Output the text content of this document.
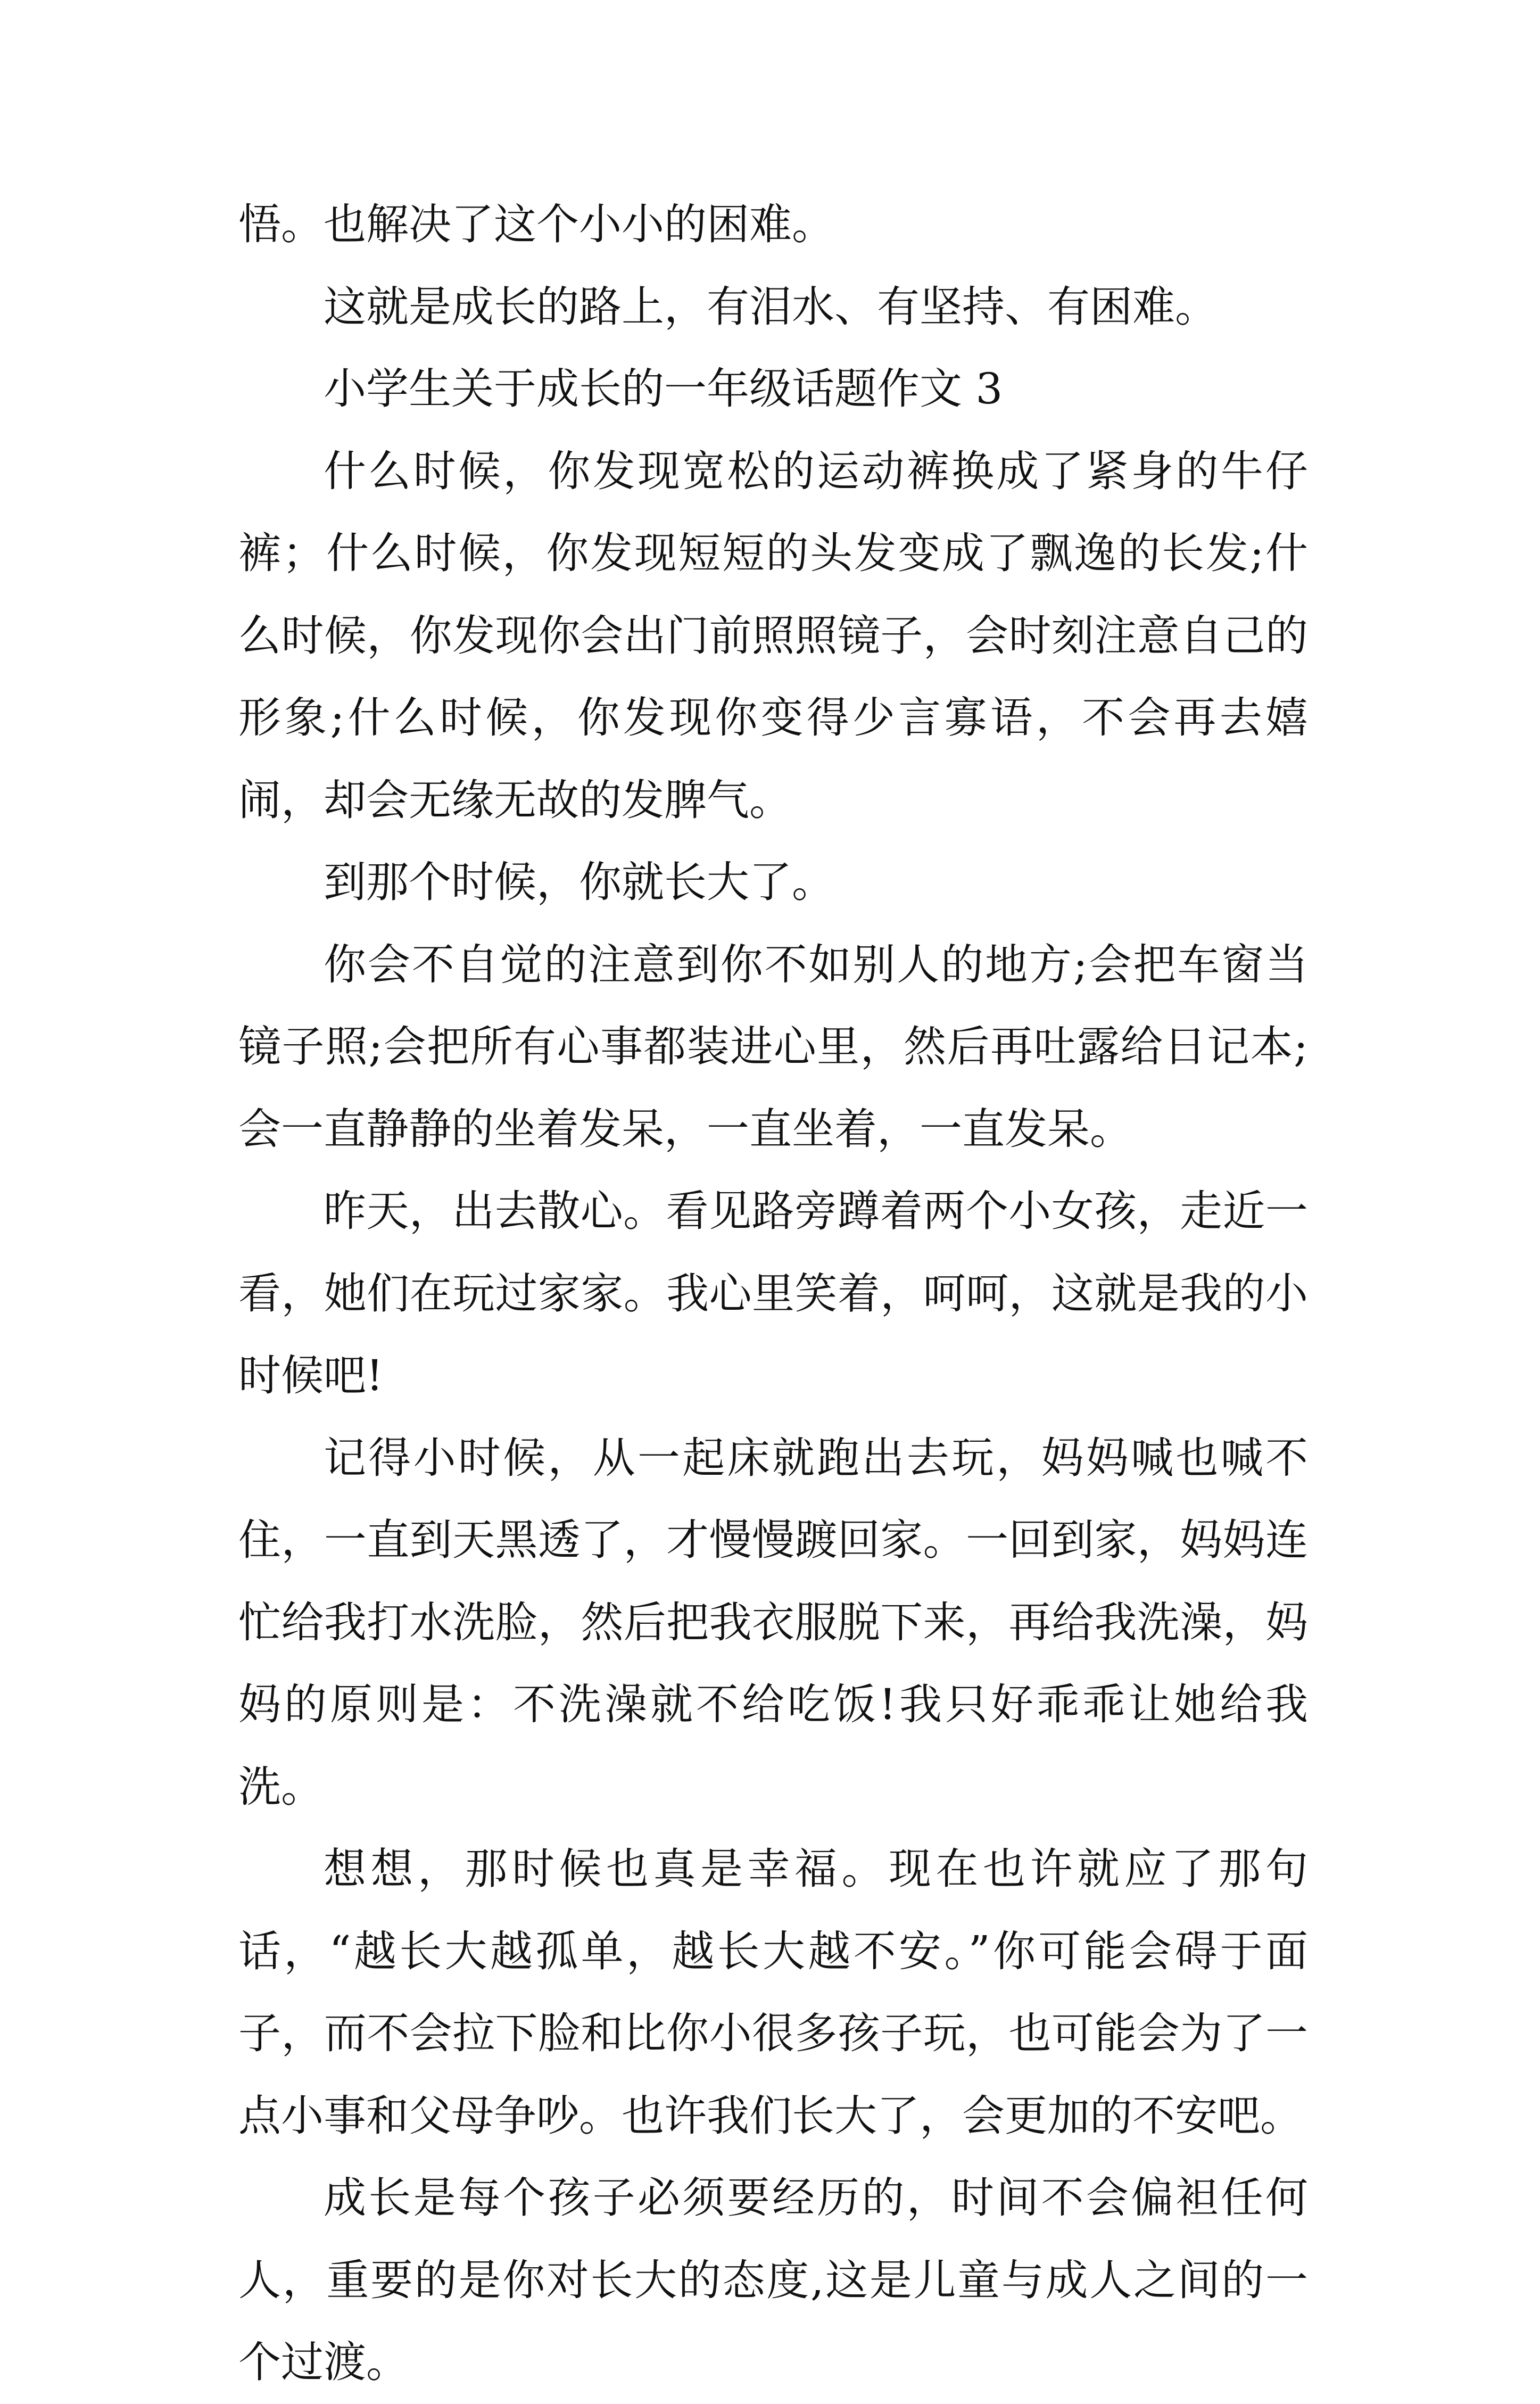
悟。也解决了这个小小的困难。

这就是成长的路上，有泪水、有坚持、有困难。

小学生关于成长的一年级话题作文 3

什么时候，你发现宽松的运动裤换成了紧身的牛仔裤；什么时候，你发现短短的头发变成了飘逸的长发;什么时候，你发现你会出门前照照镜子，会时刻注意自己的形象;什么时候，你发现你变得少言寡语，不会再去嬉闹，却会无缘无故的发脾气。

到那个时候，你就长大了。

你会不自觉的注意到你不如别人的地方;会把车窗当镜子照;会把所有心事都装进心里，然后再吐露给日记本;会一直静静的坐着发呆，一直坐着，一直发呆。

昨天，出去散心。看见路旁蹲着两个小女孩，走近一看，她们在玩过家家。我心里笑着，呵呵，这就是我的小时候吧!

记得小时候，从一起床就跑出去玩，妈妈喊也喊不住，一直到天黑透了，才慢慢踱回家。一回到家，妈妈连忙给我打水洗脸，然后把我衣服脱下来，再给我洗澡，妈妈的原则是：不洗澡就不给吃饭!我只好乖乖让她给我洗。

想想，那时候也真是幸福。现在也许就应了那句话，“越长大越孤单，越长大越不安。”你可能会碍于面子，而不会拉下脸和比你小很多孩子玩，也可能会为了一点小事和父母争吵。也许我们长大了，会更加的不安吧。

成长是每个孩子必须要经历的，时间不会偏袒任何人，重要的是你对长大的态度,这是儿童与成人之间的一个过渡。
